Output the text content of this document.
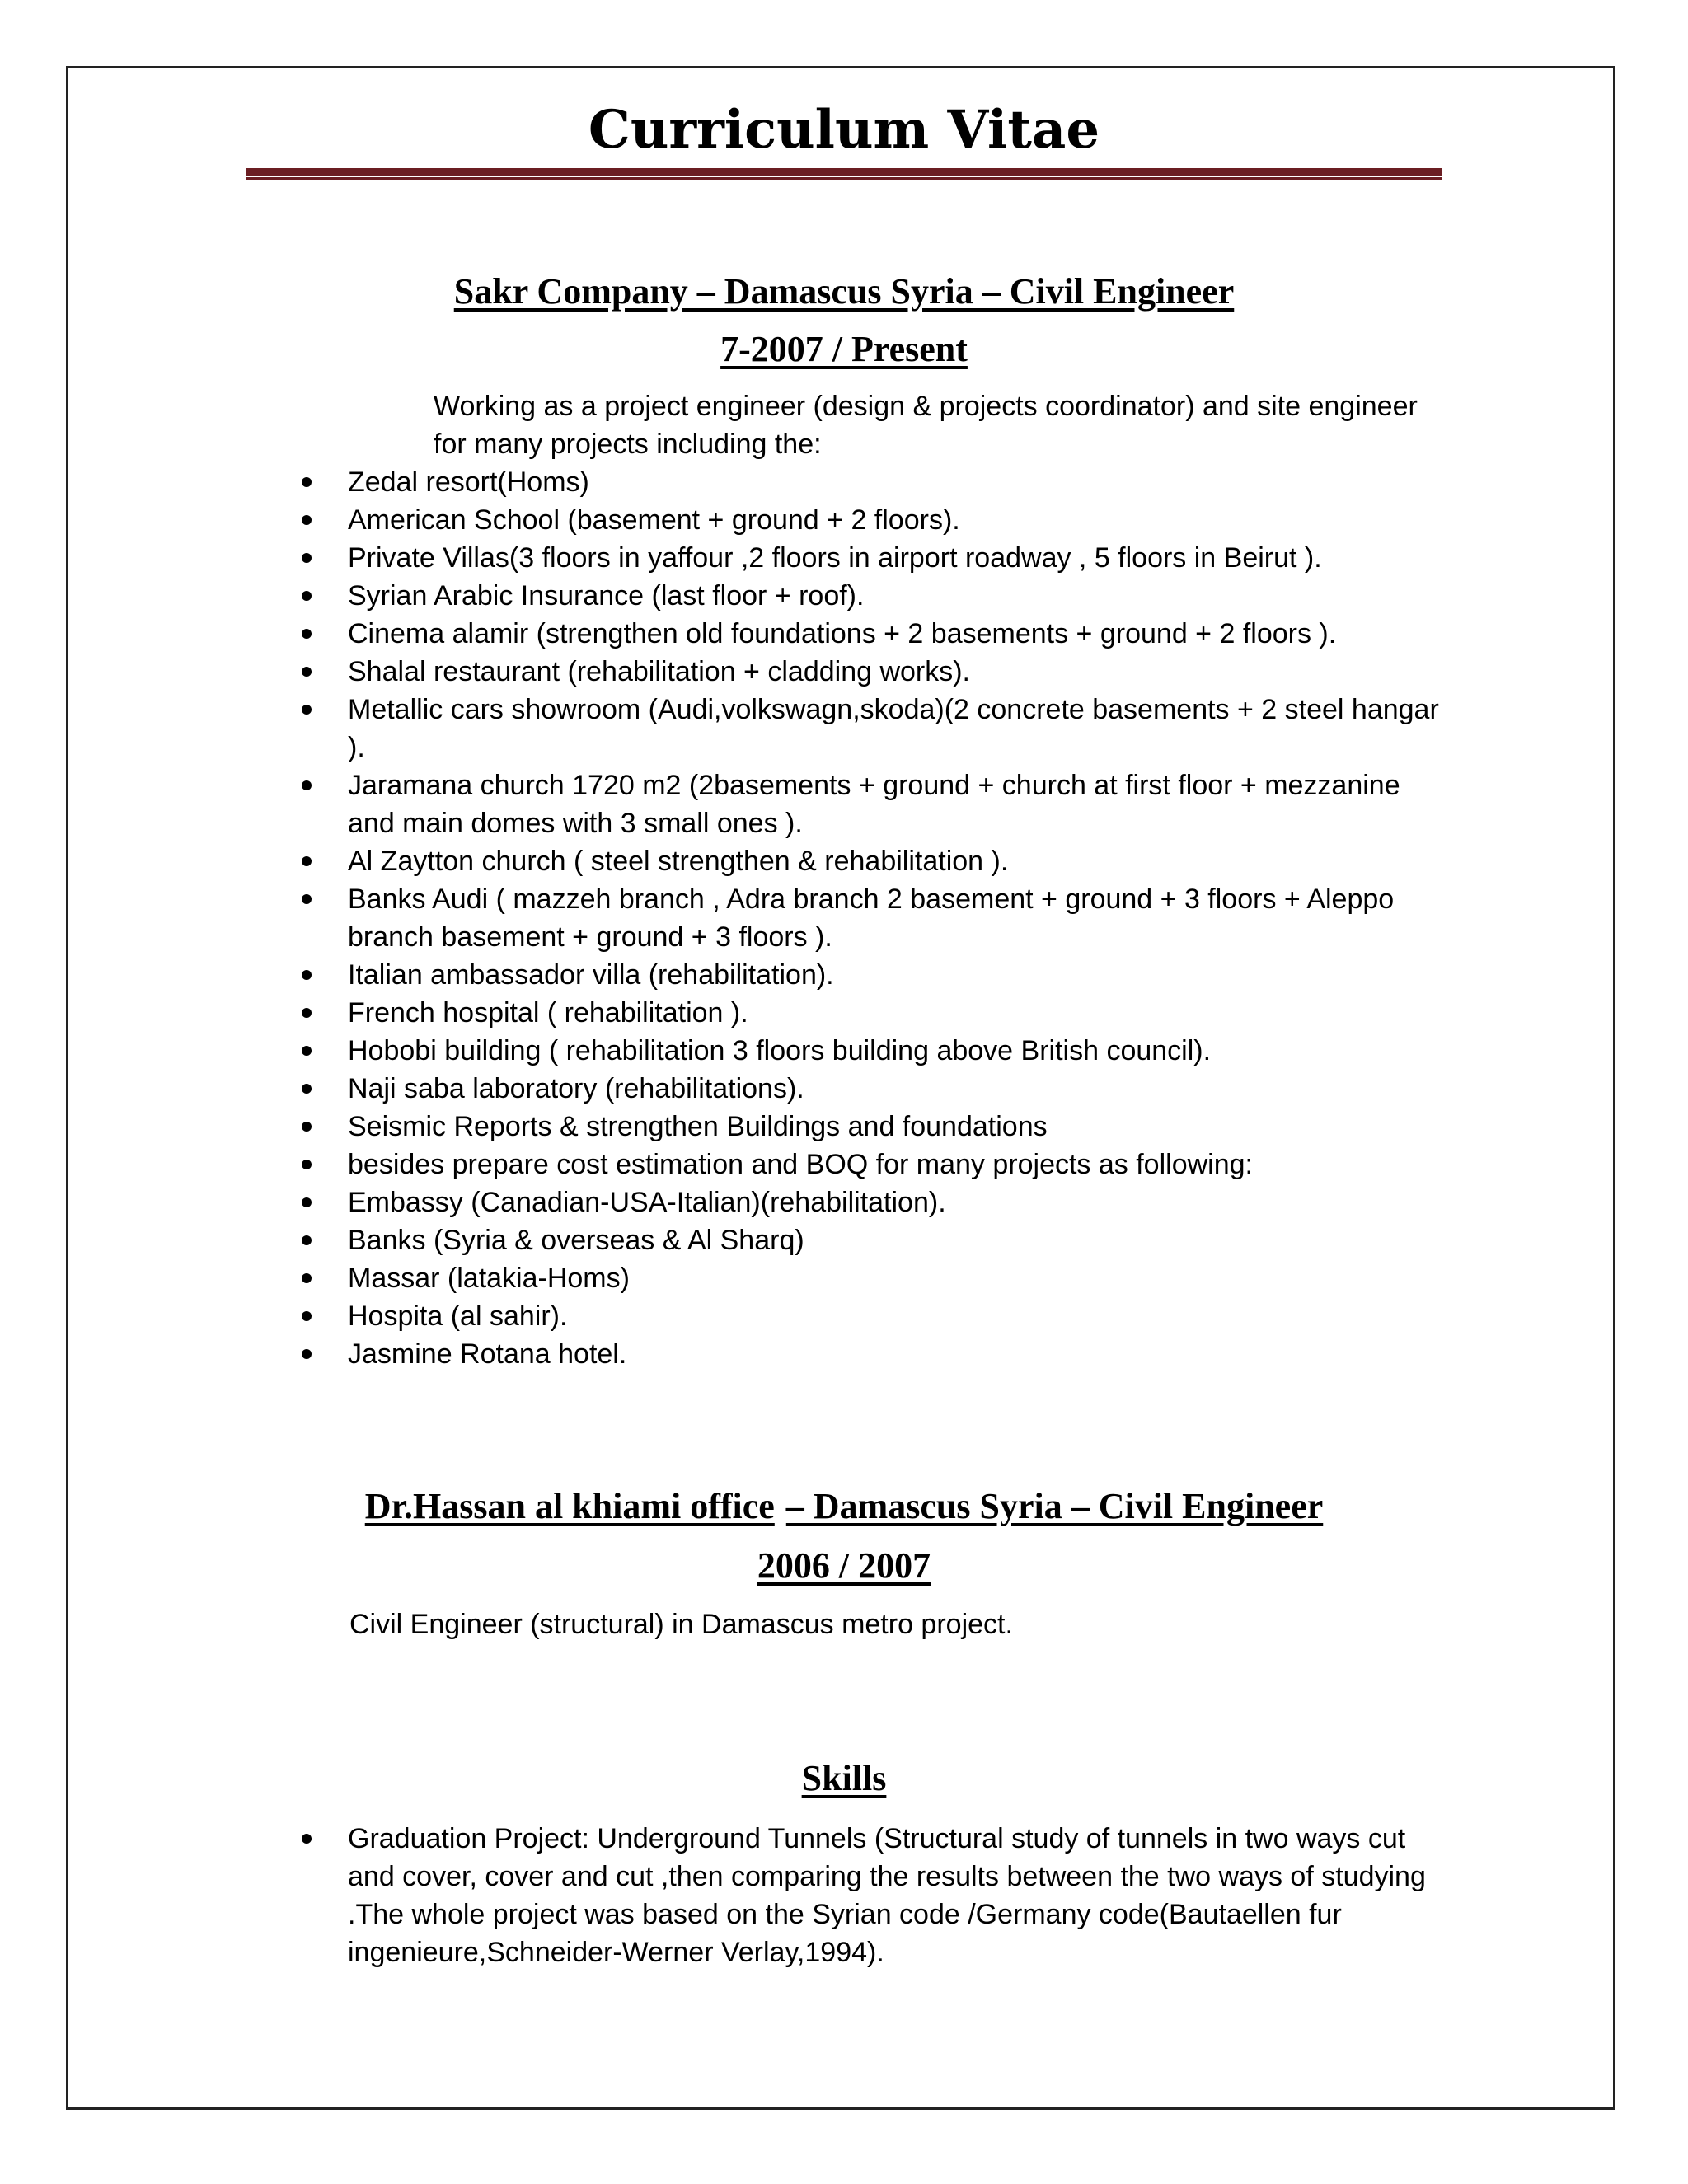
Curriculum Vitae
Sakr Company – Damascus Syria – Civil Engineer
7-2007 / Present

Working as a project engineer (design & projects coordinator) and site engineer for many projects including the:

Zedal resort(Homs)
American School (basement + ground + 2 floors).
Private Villas(3 floors in yaffour ,2 floors in airport roadway , 5 floors in Beirut ).
Syrian Arabic Insurance (last floor + roof).
Cinema alamir (strengthen old foundations + 2 basements + ground + 2 floors ).
Shalal restaurant (rehabilitation + cladding works).
Metallic cars showroom (Audi,volkswagn,skoda)(2 concrete basements + 2 steel hangar ).
Jaramana church 1720 m2 (2basements + ground + church at first floor + mezzanine and main domes with 3 small ones ).
Al Zaytton church ( steel strengthen & rehabilitation ).
Banks Audi ( mazzeh branch , Adra branch 2 basement + ground + 3 floors + Aleppo branch basement + ground + 3 floors ).
Italian ambassador villa (rehabilitation).
French hospital ( rehabilitation ).
Hobobi building ( rehabilitation 3 floors building above British council).
Naji saba laboratory (rehabilitations).
Seismic Reports & strengthen Buildings and foundations
besides prepare cost estimation and BOQ for many projects as following:
Embassy (Canadian-USA-Italian)(rehabilitation).
Banks (Syria & overseas & Al Sharq)
Massar (latakia-Homs)
Hospita (al sahir).
Jasmine Rotana hotel.
Dr.Hassan al khiami office – Damascus Syria – Civil Engineer
2006 / 2007

Civil Engineer (structural) in Damascus metro project.

Skills
Graduation Project: Underground Tunnels (Structural study of tunnels in two ways cut and cover, cover and cut ,then comparing the results between the two ways of studying .The whole project was based on the Syrian code /Germany code(Bautaellen fur ingenieure,Schneider-Werner Verlay,1994).
